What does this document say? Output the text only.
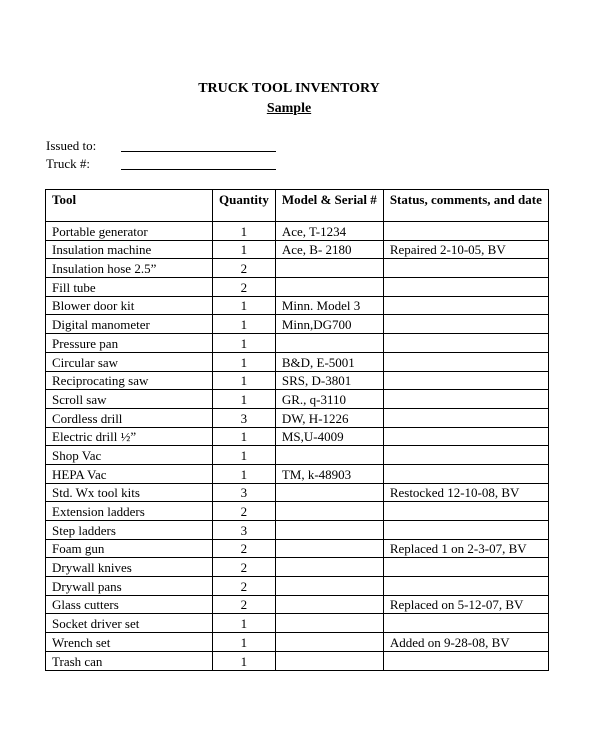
TRUCK TOOL INVENTORY
Sample
Issued to:
Truck #:
Tool	Quantity	Model & Serial #	Status, comments, and date
Portable generator	1	Ace, T-1234	
Insulation machine	1	Ace, B- 2180	Repaired 2-10-05, BV
Insulation hose 2.5”	2		
Fill tube	2		
Blower door kit	1	Minn. Model 3	
Digital manometer	1	Minn,DG700	
Pressure pan	1		
Circular saw	1	B&D, E-5001	
Reciprocating saw	1	SRS, D-3801	
Scroll saw	1	GR., q-3110	
Cordless drill	3	DW, H-1226	
Electric drill ½”	1	MS,U-4009	
Shop Vac	1		
HEPA Vac	1	TM, k-48903	
Std. Wx tool kits	3		Restocked 12-10-08, BV
Extension ladders	2		
Step ladders	3		
Foam gun	2		Replaced 1 on 2-3-07, BV
Drywall knives	2		
Drywall pans	2		
Glass cutters	2		Replaced on 5-12-07, BV
Socket driver set	1		
Wrench set	1		Added on 9-28-08, BV
Trash can	1		
